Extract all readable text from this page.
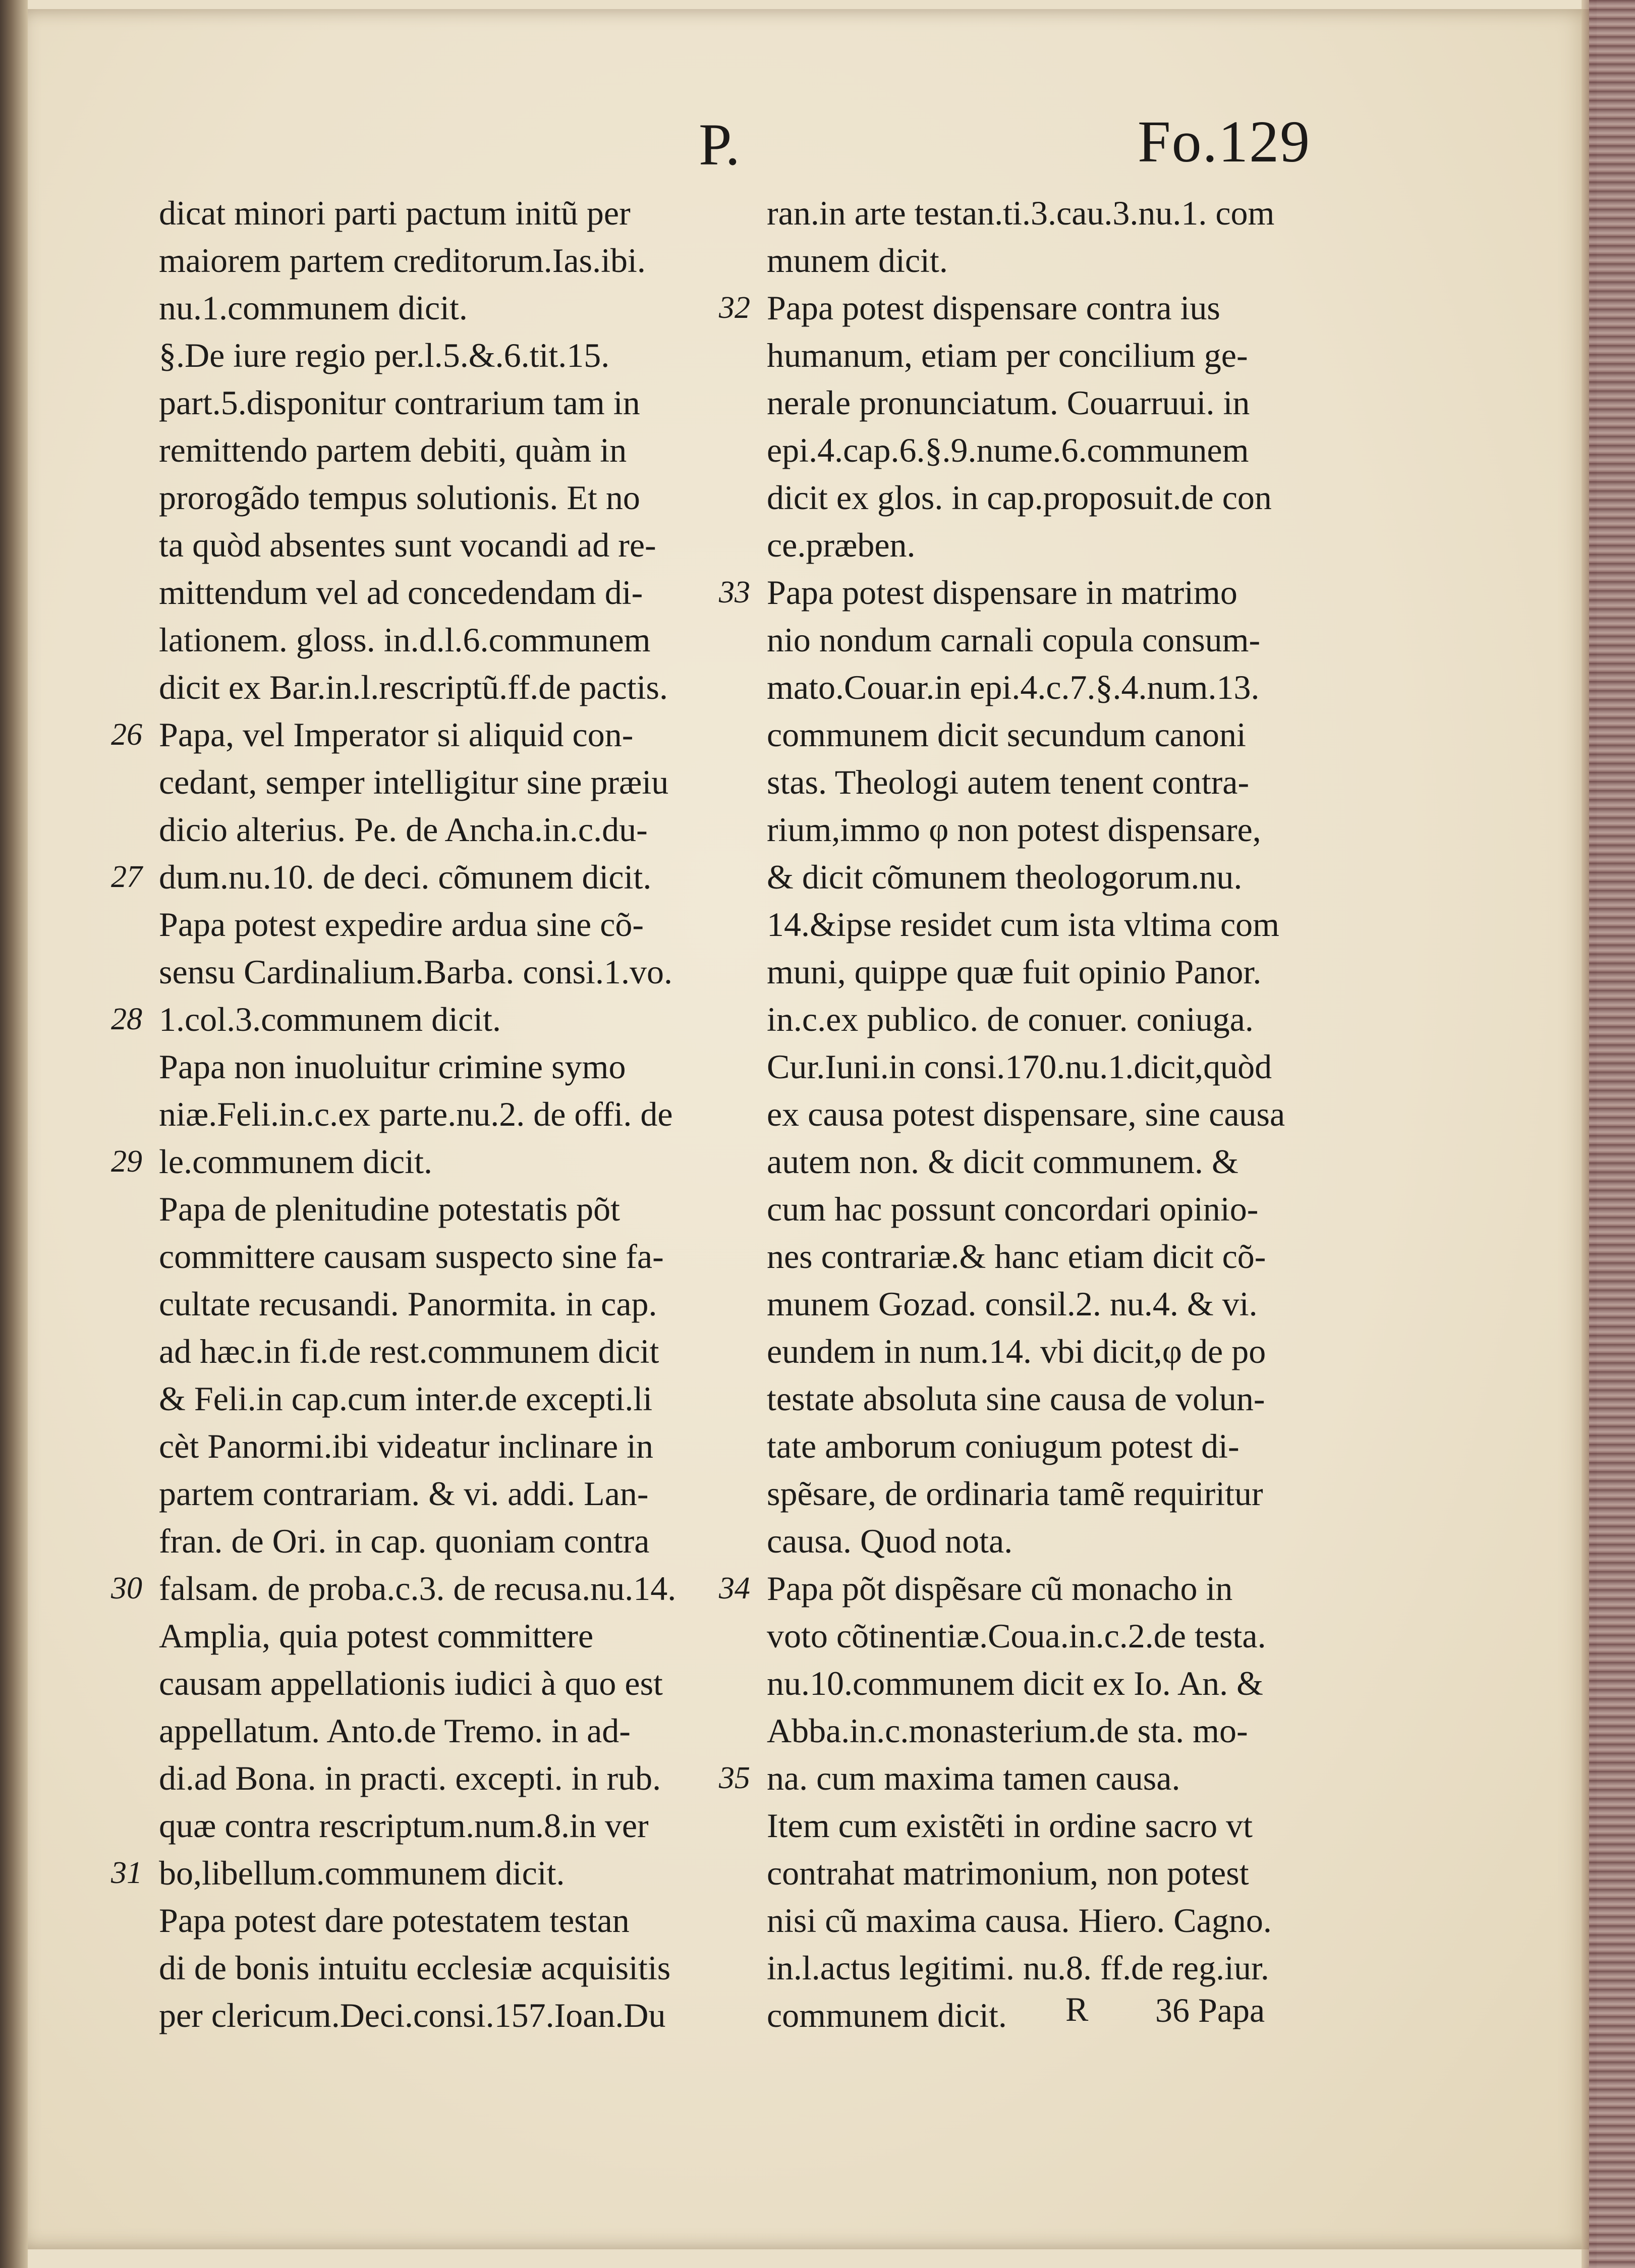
P.	Fo.129
dicat minori parti pactum initũ per
maiorem partem creditorum.Ias.ibi.
nu.1.communem dicit.
§.De iure regio per.l.5.&.6.tit.15.
part.5.disponitur contrarium tam in
remittendo partem debiti, quàm in
prorogãdo tempus solutionis. Et no
ta quòd absentes sunt vocandi ad re-
mittendum vel ad concedendam di-
lationem. gloss. in.d.l.6.communem
dicit ex Bar.in.l.rescriptũ.ff.de pactis.
Papa, vel Imperator si aliquid con-
cedant, semper intelligitur sine præiu
dicio alterius. Pe. de Ancha.in.c.du-
dum.nu.10. de deci. cõmunem dicit.
Papa potest expedire ardua sine cõ-
sensu Cardinalium.Barba. consi.1.vo.
1.col.3.communem dicit.
Papa non inuoluitur crimine symo
niæ.Feli.in.c.ex parte.nu.2. de offi. de
le.communem dicit.
Papa de plenitudine potestatis põt
committere causam suspecto sine fa-
cultate recusandi. Panormita. in cap.
ad hæc.in fi.de rest.communem dicit
& Feli.in cap.cum inter.de excepti.li
cèt Panormi.ibi videatur inclinare in
partem contrariam. & vi. addi. Lan-
fran. de Ori. in cap. quoniam contra
falsam. de proba.c.3. de recusa.nu.14.
Amplia, quia potest committere
causam appellationis iudici à quo est
appellatum. Anto.de Tremo. in ad-
di.ad Bona. in practi. excepti. in rub.
quæ contra rescriptum.num.8.in ver
bo,libellum.communem dicit.
Papa potest dare potestatem testan
di de bonis intuitu ecclesiæ acquisitis
per clericum.Deci.consi.157.Ioan.Du
ran.in arte testan.ti.3.cau.3.nu.1. com
munem dicit.
Papa potest dispensare contra ius
humanum, etiam per concilium ge-
nerale pronunciatum. Couarruui. in
epi.4.cap.6.§.9.nume.6.communem
dicit ex glos. in cap.proposuit.de con
ce.præben.
Papa potest dispensare in matrimo
nio nondum carnali copula consum-
mato.Couar.in epi.4.c.7.§.4.num.13.
communem dicit secundum canoni
stas. Theologi autem tenent contra-
rium,immo φ non potest dispensare,
& dicit cõmunem theologorum.nu.
14.&ipse residet cum ista vltima com
muni, quippe quæ fuit opinio Panor.
in.c.ex publico. de conuer. coniuga.
Cur.Iuni.in consi.170.nu.1.dicit,quòd
ex causa potest dispensare, sine causa
autem non. & dicit communem. &
cum hac possunt concordari opinio-
nes contrariæ.& hanc etiam dicit cõ-
munem Gozad. consil.2. nu.4. & vi.
eundem in num.14. vbi dicit,φ de po
testate absoluta sine causa de volun-
tate amborum coniugum potest di-
spẽsare, de ordinaria tamẽ requiritur
causa. Quod nota.
Papa põt dispẽsare cũ monacho in
voto cõtinentiæ.Coua.in.c.2.de testa.
nu.10.communem dicit ex Io. An. &
Abba.in.c.monasterium.de sta. mo-
na. cum maxima tamen causa.
Item cum existẽti in ordine sacro vt
contrahat matrimonium, non potest
nisi cũ maxima causa. Hiero. Cagno.
in.l.actus legitimi. nu.8. ff.de reg.iur.
communem dicit.
26
27
28
29
30
31
32
33
34
35
R 36 Papa
